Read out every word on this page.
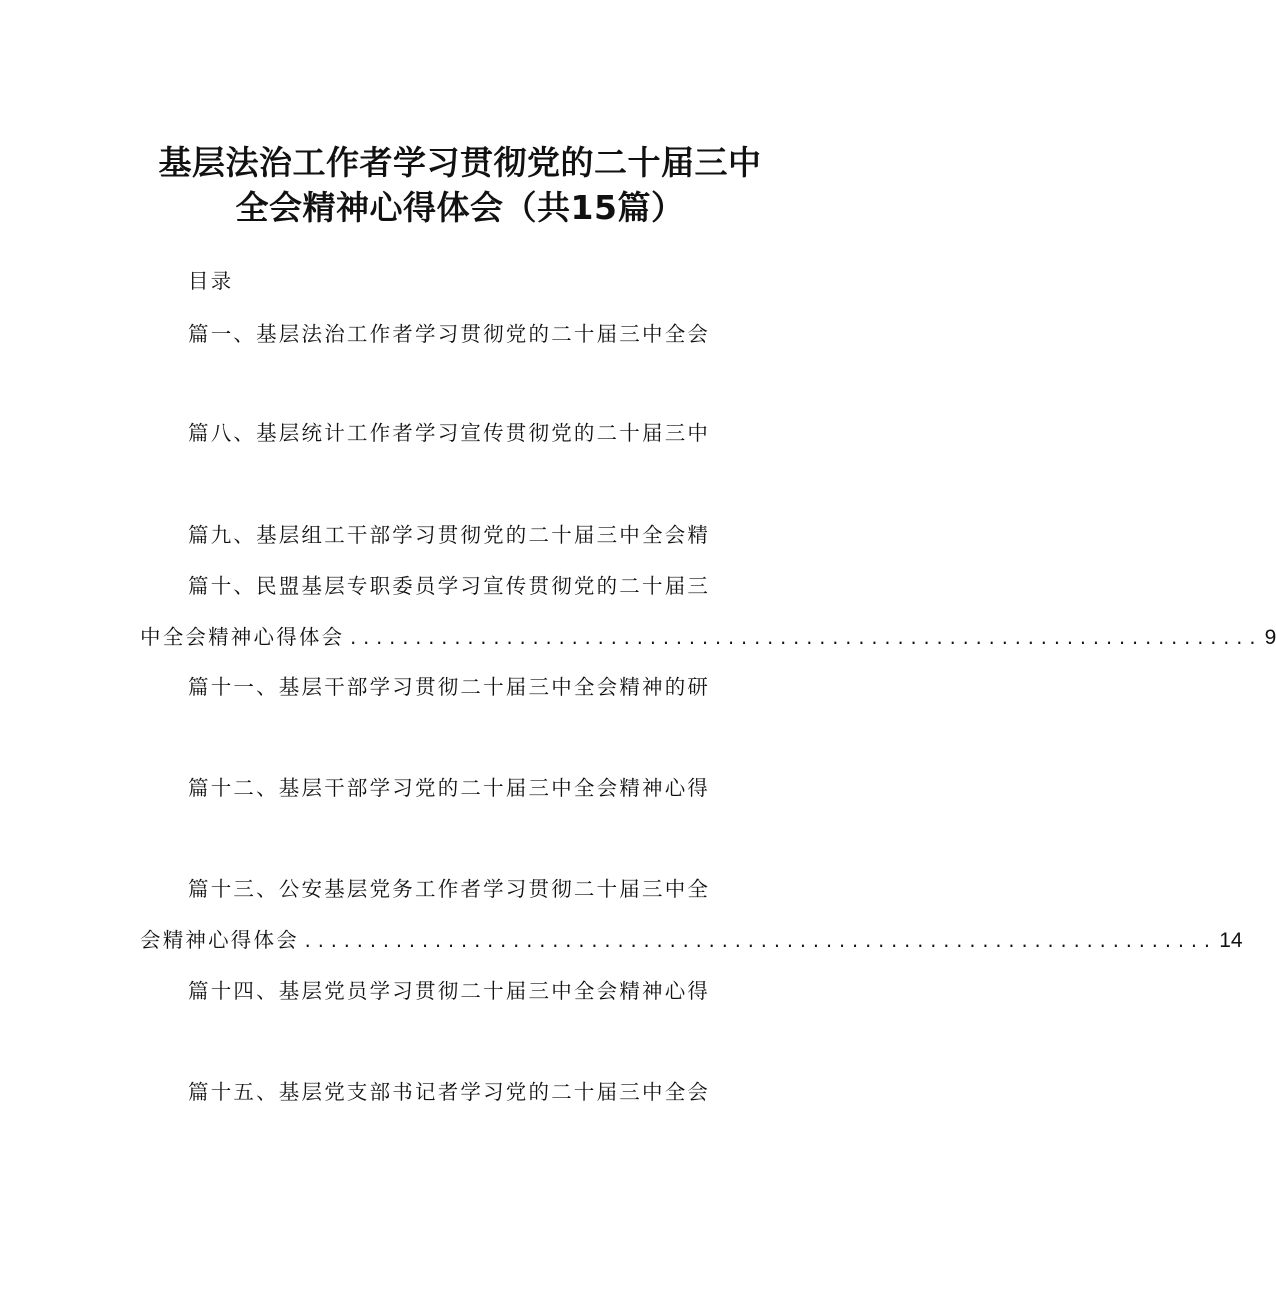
基层法治工作者学习贯彻党的二十届三中
全会精神心得体会（共15篇）
目录
篇一、基层法治工作者学习贯彻党的二十届三中全会
篇八、基层统计工作者学习宣传贯彻党的二十届三中
篇九、基层组工干部学习贯彻党的二十届三中全会精
篇十、民盟基层专职委员学习宣传贯彻党的二十届三
中全会精神心得体会 ...................................................................... 9
篇十一、基层干部学习贯彻二十届三中全会精神的研
篇十二、基层干部学习党的二十届三中全会精神心得
篇十三、公安基层党务工作者学习贯彻二十届三中全
会精神心得体会 ...................................................................... 14
篇十四、基层党员学习贯彻二十届三中全会精神心得
篇十五、基层党支部书记者学习党的二十届三中全会
